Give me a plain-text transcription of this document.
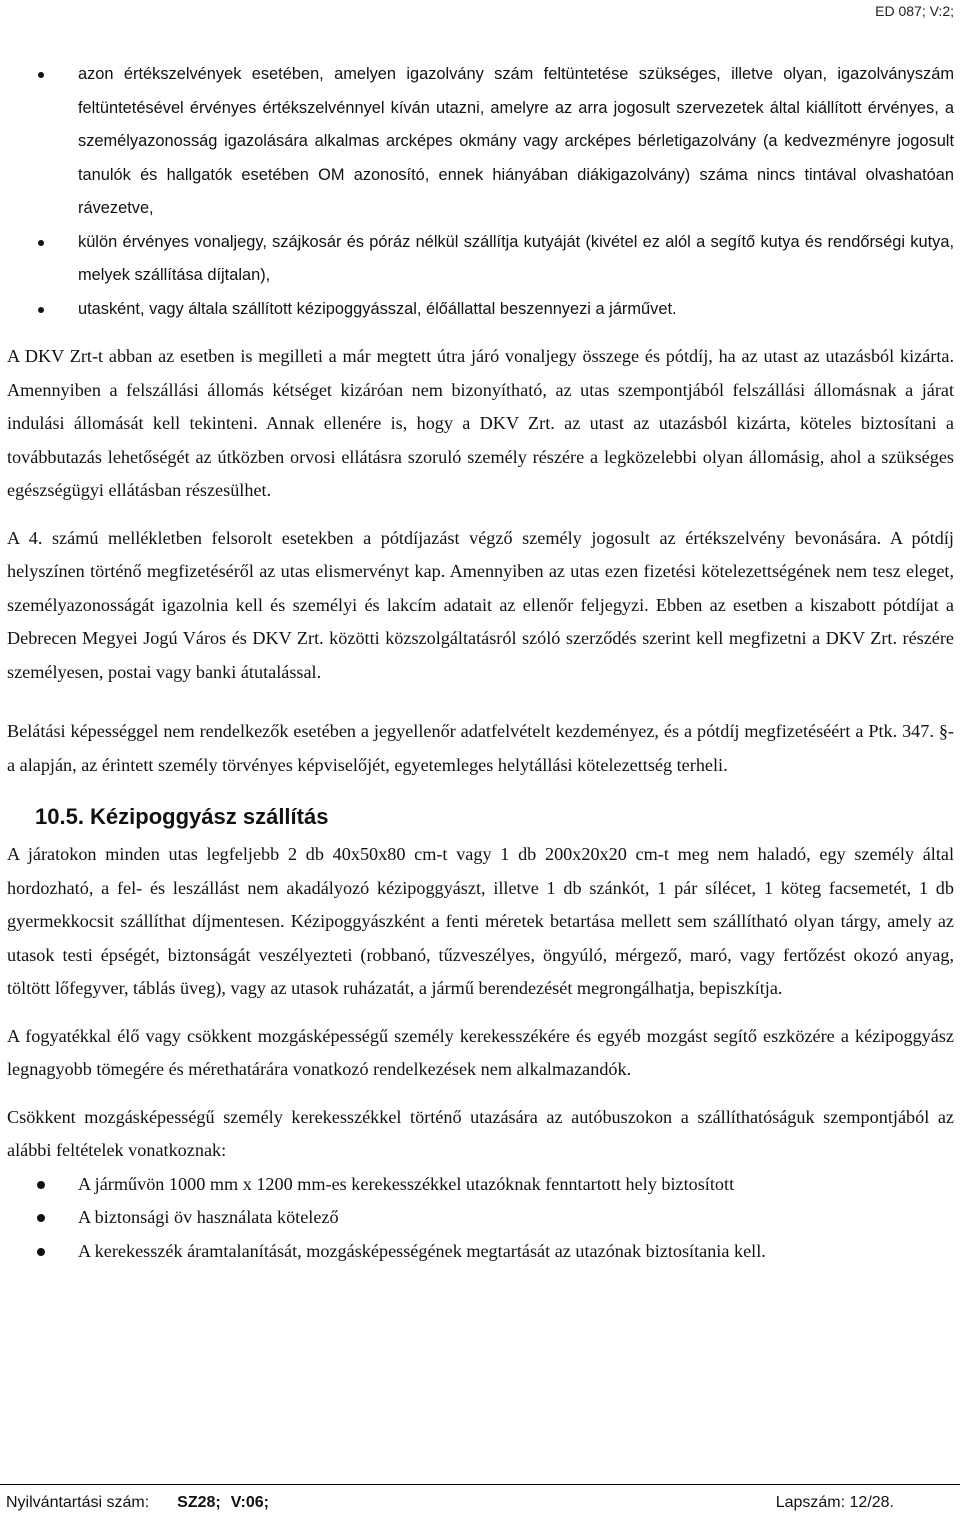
ED 087; V:2;
azon értékszelvények esetében, amelyen igazolvány szám feltüntetése szükséges, illetve olyan, igazolványszám feltüntetésével érvényes értékszelvénnyel kíván utazni, amelyre az arra jogosult szervezetek által kiállított érvényes, a személyazonosság igazolására alkalmas arcképes okmány vagy arcképes bérletigazolvány (a kedvezményre jogosult tanulók és hallgatók esetében OM azonosító, ennek hiányában diákigazolvány) száma nincs tintával olvashatóan rávezetve,
külön érvényes vonaljegy, szájkosár és póráz nélkül szállítja kutyáját (kivétel ez alól a segítő kutya és rendőrségi kutya, melyek szállítása díjtalan),
utasként, vagy általa szállított kézipoggyásszal, élőállattal beszennyezi a járművet.

A DKV Zrt-t abban az esetben is megilleti a már megtett útra járó vonaljegy összege és pótdíj, ha az utast az utazásból kizárta. Amennyiben a felszállási állomás kétséget kizáróan nem bizonyítható, az utas szempontjából felszállási állomásnak a járat indulási állomását kell tekinteni. Annak ellenére is, hogy a DKV Zrt. az utast az utazásból kizárta, köteles biztosítani a továbbutazás lehetőségét az útközben orvosi ellátásra szoruló személy részére a legközelebbi olyan állomásig, ahol a szükséges egészségügyi ellátásban részesülhet.

A 4. számú mellékletben felsorolt esetekben a pótdíjazást végző személy jogosult az értékszelvény bevonására. A pótdíj helyszínen történő megfizetéséről az utas elismervényt kap. Amennyiben az utas ezen fizetési kötelezettségének nem tesz eleget, személyazonosságát igazolnia kell és személyi és lakcím adatait az ellenőr feljegyzi. Ebben az esetben a kiszabott pótdíjat a Debrecen Megyei Jogú Város és DKV Zrt. közötti közszolgáltatásról szóló szerződés szerint kell megfizetni a DKV Zrt. részére személyesen, postai vagy banki átutalással.

Belátási képességgel nem rendelkezők esetében a jegyellenőr adatfelvételt kezdeményez, és a pótdíj megfizetéséért a Ptk. 347. §-a alapján, az érintett személy törvényes képviselőjét, egyetemleges helytállási kötelezettség terheli.

10.5. Kézipoggyász szállítás

A járatokon minden utas legfeljebb 2 db 40x50x80 cm-t vagy 1 db 200x20x20 cm-t meg nem haladó, egy személy által hordozható, a fel- és leszállást nem akadályozó kézipoggyászt, illetve 1 db szánkót, 1 pár sílécet, 1 köteg facsemetét, 1 db gyermekkocsit szállíthat díjmentesen. Kézipoggyászként a fenti méretek betartása mellett sem szállítható olyan tárgy, amely az utasok testi épségét, biztonságát veszélyezteti (robbanó, tűzveszélyes, öngyúló, mérgező, maró, vagy fertőzést okozó anyag, töltött lőfegyver, táblás üveg), vagy az utasok ruházatát, a jármű berendezését megrongálhatja, bepiszkítja.

A fogyatékkal élő vagy csökkent mozgásképességű személy kerekesszékére és egyéb mozgást segítő eszközére a kézipoggyász legnagyobb tömegére és mérethatárára vonatkozó rendelkezések nem alkalmazandók.

Csökkent mozgásképességű személy kerekesszékkel történő utazására az autóbuszokon a szállíthatóságuk szempontjából az alábbi feltételek vonatkoznak:

A járművön 1000 mm x 1200 mm-es kerekesszékkel utazóknak fenntartott hely biztosított
A biztonsági öv használata kötelező
A kerekesszék áramtalanítását, mozgásképességének megtartását az utazónak biztosítania kell.
Nyilvántartási szám: SZ28; V:06;	Lapszám: 12/28.
